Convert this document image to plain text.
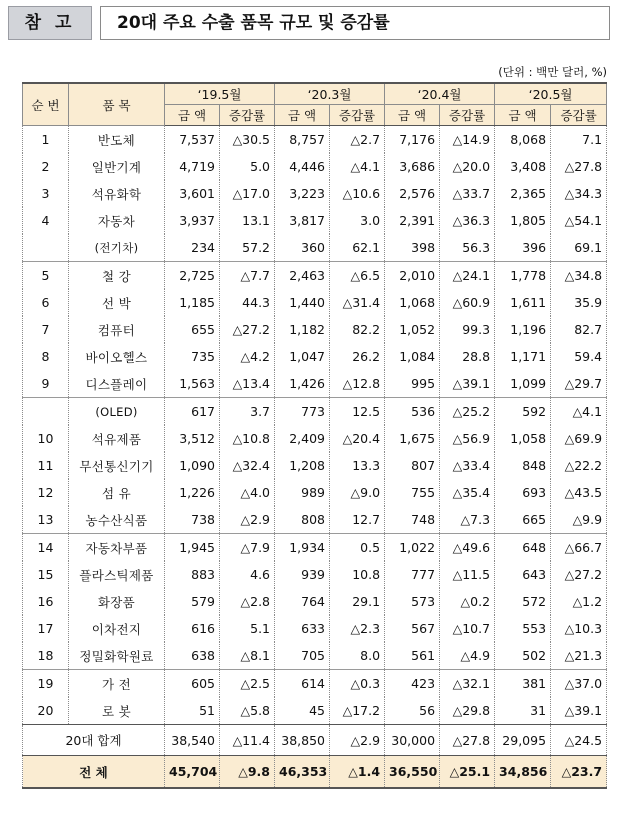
참 고	20대 주요 수출 품목 규모 및 증감률
(단위 : 백만 달러, %)
순 번	품 목	‘19.5월		‘20.3월		‘20.4월		‘20.5월	
		금 액	증감률	금 액	증감률	금 액	증감률	금 액	증감률
1	반도체	7,537	△30.5	8,757	△2.7	7,176	△14.9	8,068	7.1
2	일반기계	4,719	5.0	4,446	△4.1	3,686	△20.0	3,408	△27.8
3	석유화학	3,601	△17.0	3,223	△10.6	2,576	△33.7	2,365	△34.3
4	자동차	3,937	13.1	3,817	3.0	2,391	△36.3	1,805	△54.1
	(전기차)	234	57.2	360	62.1	398	56.3	396	69.1
5	철 강	2,725	△7.7	2,463	△6.5	2,010	△24.1	1,778	△34.8
6	선 박	1,185	44.3	1,440	△31.4	1,068	△60.9	1,611	35.9
7	컴퓨터	655	△27.2	1,182	82.2	1,052	99.3	1,196	82.7
8	바이오헬스	735	△4.2	1,047	26.2	1,084	28.8	1,171	59.4
9	디스플레이	1,563	△13.4	1,426	△12.8	995	△39.1	1,099	△29.7
	(OLED)	617	3.7	773	12.5	536	△25.2	592	△4.1
10	석유제품	3,512	△10.8	2,409	△20.4	1,675	△56.9	1,058	△69.9
11	무선통신기기	1,090	△32.4	1,208	13.3	807	△33.4	848	△22.2
12	섬 유	1,226	△4.0	989	△9.0	755	△35.4	693	△43.5
13	농수산식품	738	△2.9	808	12.7	748	△7.3	665	△9.9
14	자동차부품	1,945	△7.9	1,934	0.5	1,022	△49.6	648	△66.7
15	플라스틱제품	883	4.6	939	10.8	777	△11.5	643	△27.2
16	화장품	579	△2.8	764	29.1	573	△0.2	572	△1.2
17	이차전지	616	5.1	633	△2.3	567	△10.7	553	△10.3
18	정밀화학원료	638	△8.1	705	8.0	561	△4.9	502	△21.3
19	가 전	605	△2.5	614	△0.3	423	△32.1	381	△37.0
20	로 봇	51	△5.8	45	△17.2	56	△29.8	31	△39.1
20대 합계		38,540	△11.4	38,850	△2.9	30,000	△27.8	29,095	△24.5
전 체		45,704	△9.8	46,353	△1.4	36,550	△25.1	34,856	△23.7
